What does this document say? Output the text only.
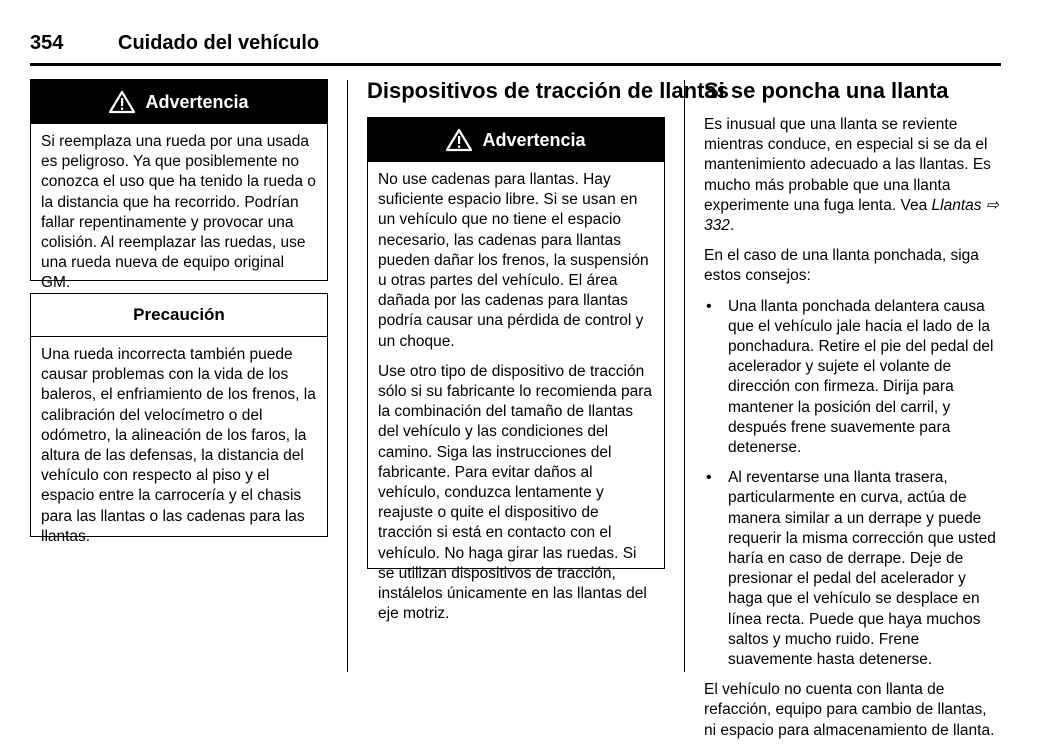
354	Cuidado del vehículo
Advertencia

Si reemplaza una rueda por una usada es peligroso. Ya que posiblemente no conozca el uso que ha tenido la rueda o la distancia que ha recorrido. Podrían fallar repentinamente y provocar una colisión. Al reemplazar las ruedas, use una rueda nueva de equipo original GM.

Precaución

Una rueda incorrecta también puede causar problemas con la vida de los baleros, el enfriamiento de los frenos, la calibración del velocímetro o del odómetro, la alineación de los faros, la altura de las defensas, la distancia del vehículo con respecto al piso y el espacio entre la carrocería y el chasis para las llantas o las cadenas para las llantas.

Dispositivos de tracción de llantas
Advertencia

No use cadenas para llantas. Hay suficiente espacio libre. Si se usan en un vehículo que no tiene el espacio necesario, las cadenas para llantas pueden dañar los frenos, la suspensión u otras partes del vehículo. El área dañada por las cadenas para llantas podría causar una pérdida de control y un choque.

Use otro tipo de dispositivo de tracción sólo si su fabricante lo recomienda para la combinación del tamaño de llantas del vehículo y las condiciones del camino. Siga las instrucciones del fabricante. Para evitar daños al vehículo, conduzca lentamente y reajuste o quite el dispositivo de tracción si está en contacto con el vehículo. No haga girar las ruedas. Si se utilizan dispositivos de tracción, instálelos únicamente en las llantas del eje motriz.

Si se poncha una llanta

Es inusual que una llanta se reviente mientras conduce, en especial si se da el mantenimiento adecuado a las llantas. Es mucho más probable que una llanta experimente una fuga lenta. Vea Llantas ⇨ 332.

En el caso de una llanta ponchada, siga estos consejos:

• Una llanta ponchada delantera causa que el vehículo jale hacia el lado de la ponchadura. Retire el pie del pedal del acelerador y sujete el volante de dirección con firmeza. Dirija para mantener la posición del carril, y después frene suavemente para detenerse.
• Al reventarse una llanta trasera, particularmente en curva, actúa de manera similar a un derrape y puede requerir la misma corrección que usted haría en caso de derrape. Deje de presionar el pedal del acelerador y haga que el vehículo se desplace en línea recta. Puede que haya muchos saltos y mucho ruido. Frene suavemente hasta detenerse.

El vehículo no cuenta con llanta de refacción, equipo para cambio de llantas, ni espacio para almacenamiento de llanta.
